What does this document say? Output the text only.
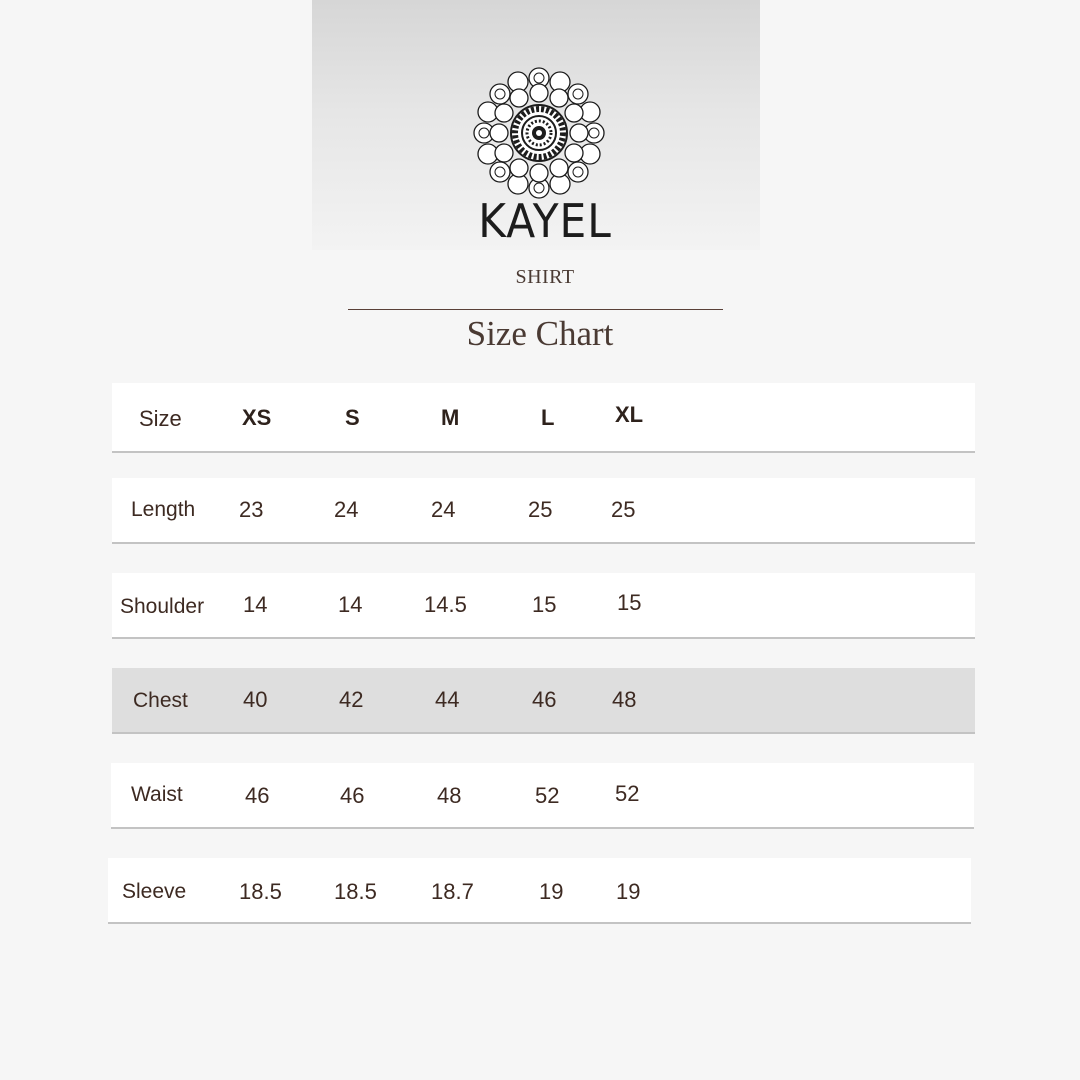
KAYEL
SHIRT
Size Chart
Size	XS	S	M	L	XL
Length 23	24	24	25	25
Shoulder 14	14	14.5	15	15
Chest	40	42	44	46	48
Waist	46	46	48	52	52
Sleeve 18.5 18.5 18.7	19 19
